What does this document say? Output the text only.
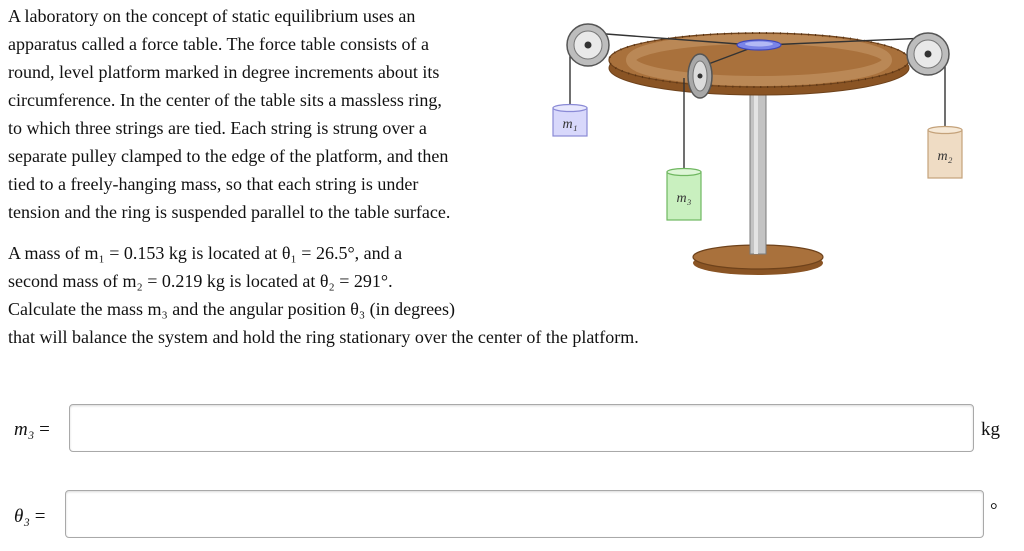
A laboratory on the concept of static equilibrium uses an
apparatus called a force table. The force table consists of a
round, level platform marked in degree increments about its
circumference. In the center of the table sits a massless ring,
to which three strings are tied. Each string is strung over a
separate pulley clamped to the edge of the platform, and then
tied to a freely-hanging mass, so that each string is under
tension and the ring is suspended parallel to the table surface.
A mass of m₁ = 0.153 kg is located at θ₁ = 26.5°, and a
second mass of m₂ = 0.219 kg is located at θ₂ = 291°.
Calculate the mass m₃ and the angular position θ₃ (in degrees)
that will balance the system and hold the ring stationary over the center of the platform.
m₁
m₂
m₃
m₃ =	kg
θ₃ =	°
